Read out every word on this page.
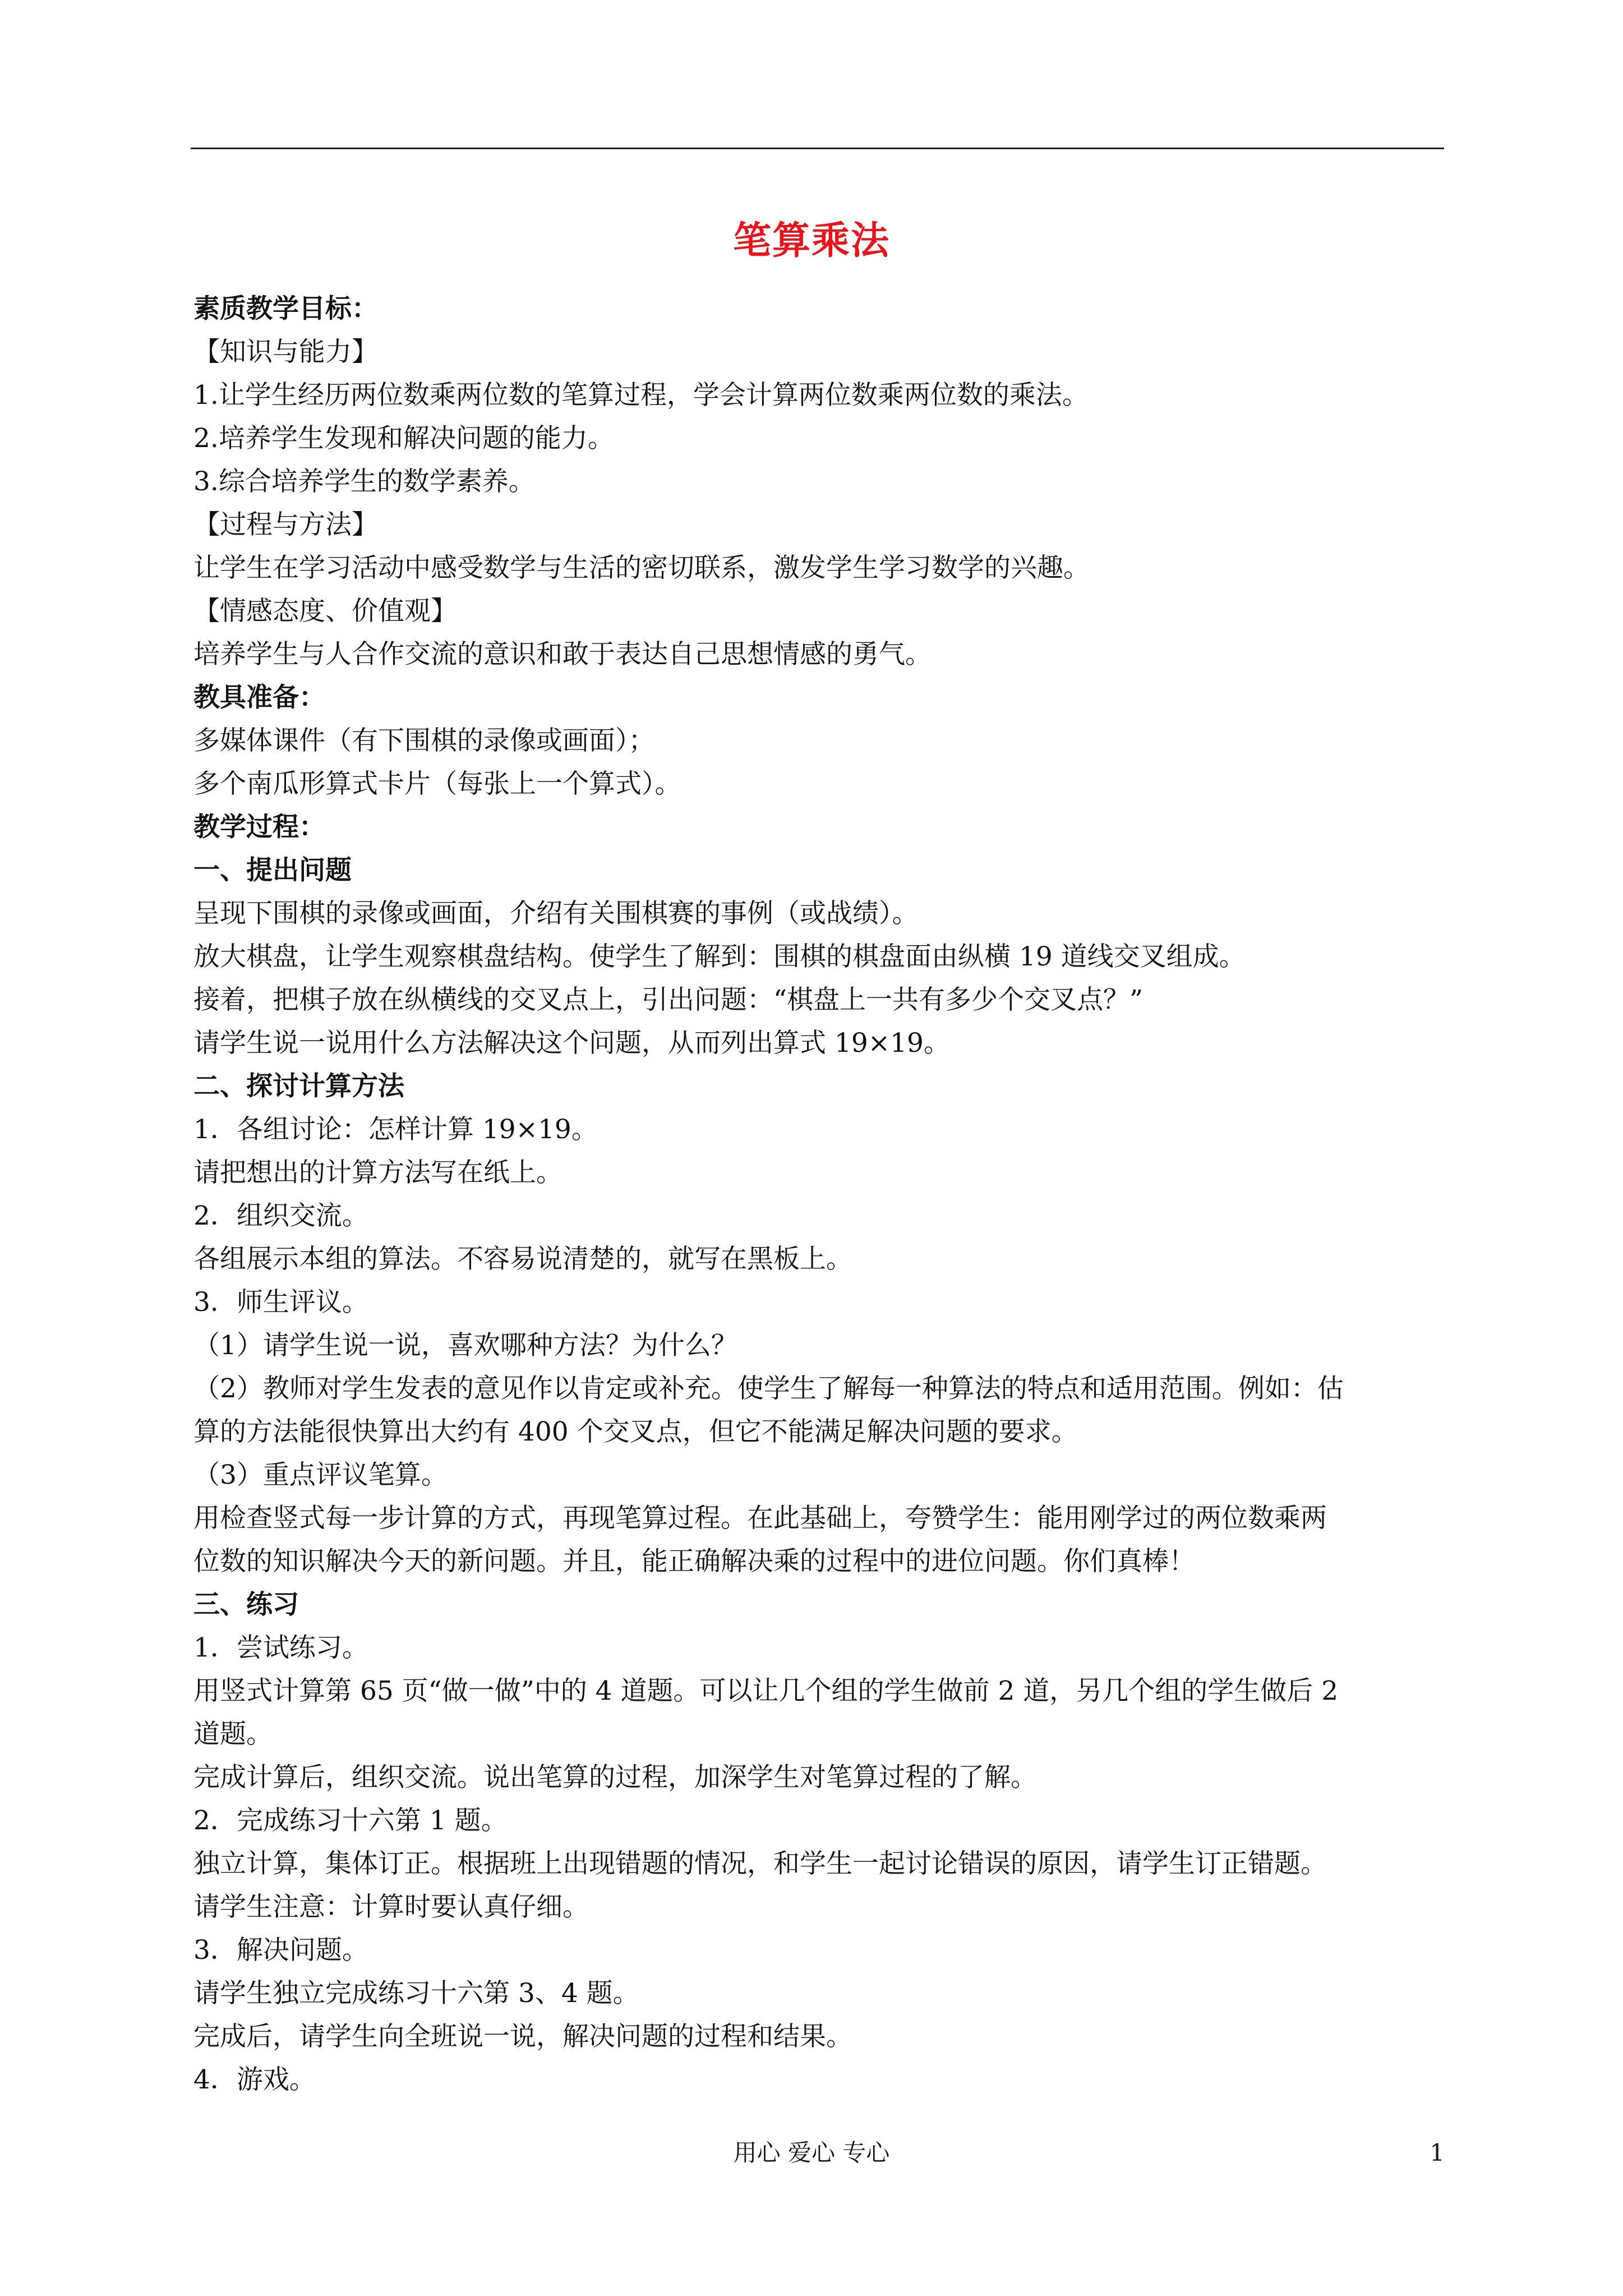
笔算乘法
素质教学目标：
【知识与能力】
1.让学生经历两位数乘两位数的笔算过程，学会计算两位数乘两位数的乘法。
2.培养学生发现和解决问题的能力。
3.综合培养学生的数学素养。
【过程与方法】
让学生在学习活动中感受数学与生活的密切联系，激发学生学习数学的兴趣。
【情感态度、价值观】
培养学生与人合作交流的意识和敢于表达自己思想情感的勇气。
教具准备：
多媒体课件（有下围棋的录像或画面）；
多个南瓜形算式卡片（每张上一个算式）。
教学过程：
一、提出问题
呈现下围棋的录像或画面，介绍有关围棋赛的事例（或战绩）。
放大棋盘，让学生观察棋盘结构。使学生了解到：围棋的棋盘面由纵横 19 道线交叉组成。
接着，把棋子放在纵横线的交叉点上，引出问题：“棋盘上一共有多少个交叉点？”
请学生说一说用什么方法解决这个问题，从而列出算式 19×19。
二、探讨计算方法
1．各组讨论：怎样计算 19×19。
请把想出的计算方法写在纸上。
2．组织交流。
各组展示本组的算法。不容易说清楚的，就写在黑板上。
3．师生评议。
（1）请学生说一说，喜欢哪种方法？为什么？
（2）教师对学生发表的意见作以肯定或补充。使学生了解每一种算法的特点和适用范围。例如：估
算的方法能很快算出大约有 400 个交叉点，但它不能满足解决问题的要求。
（3）重点评议笔算。
用检查竖式每一步计算的方式，再现笔算过程。在此基础上，夸赞学生：能用刚学过的两位数乘两
位数的知识解决今天的新问题。并且，能正确解决乘的过程中的进位问题。你们真棒！
三、练习
1．尝试练习。
用竖式计算第 65 页“做一做”中的 4 道题。可以让几个组的学生做前 2 道，另几个组的学生做后 2
道题。
完成计算后，组织交流。说出笔算的过程，加深学生对笔算过程的了解。
2．完成练习十六第 1 题。
独立计算，集体订正。根据班上出现错题的情况，和学生一起讨论错误的原因，请学生订正错题。
请学生注意：计算时要认真仔细。
3．解决问题。
请学生独立完成练习十六第 3、4 题。
完成后，请学生向全班说一说，解决问题的过程和结果。
4．游戏。
用心 爱心 专心	1
